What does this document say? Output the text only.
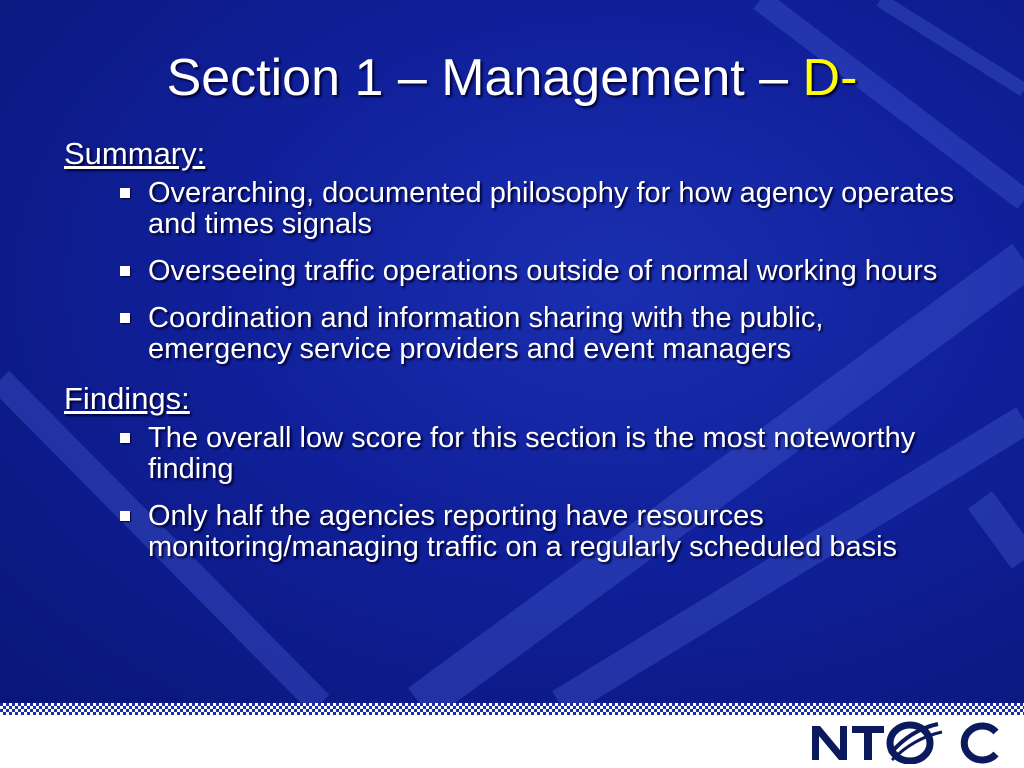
Section 1 – Management – D-
Summary:
Overarching, documented philosophy for how agency operates and times signals
Overseeing traffic operations outside of normal working hours
Coordination and information sharing with the public, emergency service providers and event managers
Findings:
The overall low score for this section is the most noteworthy finding
Only half the agencies reporting have resources monitoring/managing traffic on a regularly scheduled basis
